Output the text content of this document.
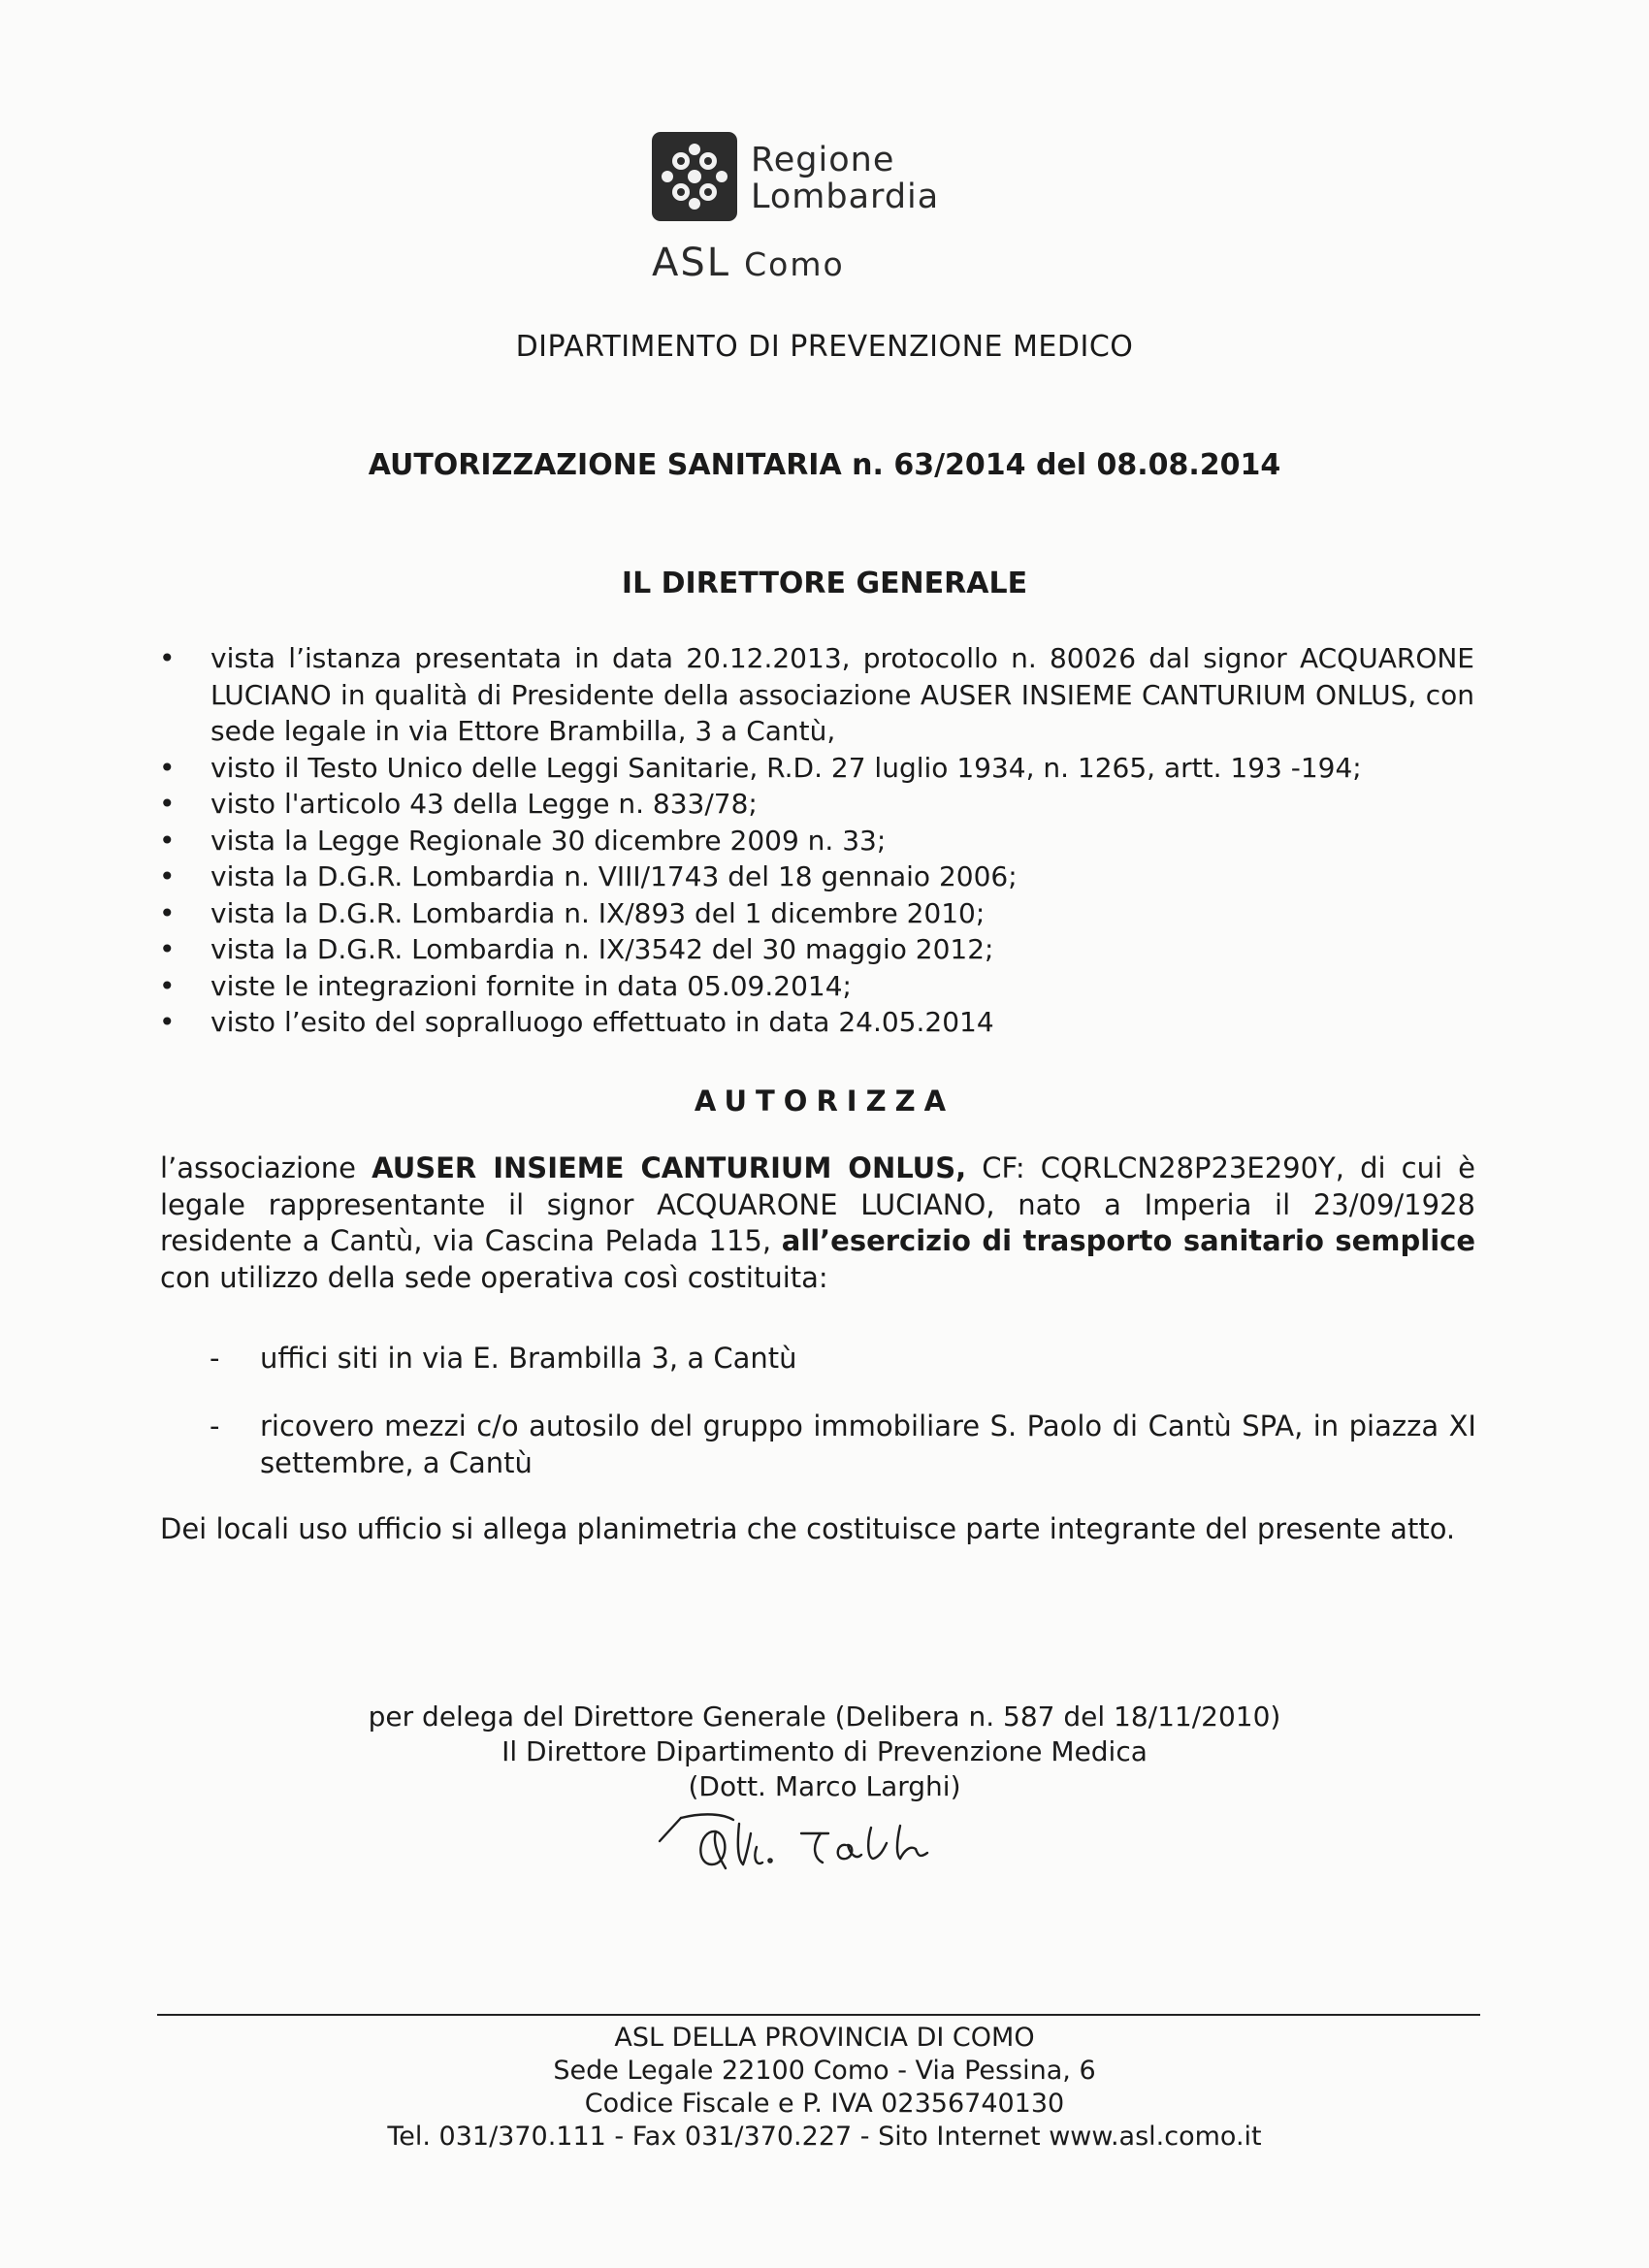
Regione
Lombardia
ASL Como
DIPARTIMENTO DI PREVENZIONE MEDICO
AUTORIZZAZIONE SANITARIA n. 63/2014 del 08.08.2014
IL DIRETTORE GENERALE
• vista l’istanza presentata in data 20.12.2013, protocollo n. 80026 dal signor ACQUARONE LUCIANO in qualità di Presidente della associazione AUSER INSIEME CANTURIUM ONLUS, con sede legale in via Ettore Brambilla, 3 a Cantù,
• visto il Testo Unico delle Leggi Sanitarie, R.D. 27 luglio 1934, n. 1265, artt. 193 -194;
• visto l'articolo 43 della Legge n. 833/78;
• vista la Legge Regionale 30 dicembre 2009 n. 33;
• vista la D.G.R. Lombardia n. VIII/1743 del 18 gennaio 2006;
• vista la D.G.R. Lombardia n. IX/893 del 1 dicembre 2010;
• vista la D.G.R. Lombardia n. IX/3542 del 30 maggio 2012;
• viste le integrazioni fornite in data 05.09.2014;
• visto l’esito del sopralluogo effettuato in data 24.05.2014
AUTORIZZA
l’associazione AUSER INSIEME CANTURIUM ONLUS, CF: CQRLCN28P23E290Y, di cui è legale rappresentante il signor ACQUARONE LUCIANO, nato a Imperia il 23/09/1928 residente a Cantù, via Cascina Pelada 115, all’esercizio di trasporto sanitario semplice con utilizzo della sede operativa così costituita:
- uffici siti in via E. Brambilla 3, a Cantù
- ricovero mezzi c/o autosilo del gruppo immobiliare S. Paolo di Cantù SPA, in piazza XI settembre, a Cantù
Dei locali uso ufficio si allega planimetria che costituisce parte integrante del presente atto.
per delega del Direttore Generale (Delibera n. 587 del 18/11/2010)
Il Direttore Dipartimento di Prevenzione Medica
(Dott. Marco Larghi)
ASL DELLA PROVINCIA DI COMO
Sede Legale 22100 Como - Via Pessina, 6
Codice Fiscale e P. IVA 02356740130
Tel. 031/370.111 - Fax 031/370.227 - Sito Internet www.asl.como.it
